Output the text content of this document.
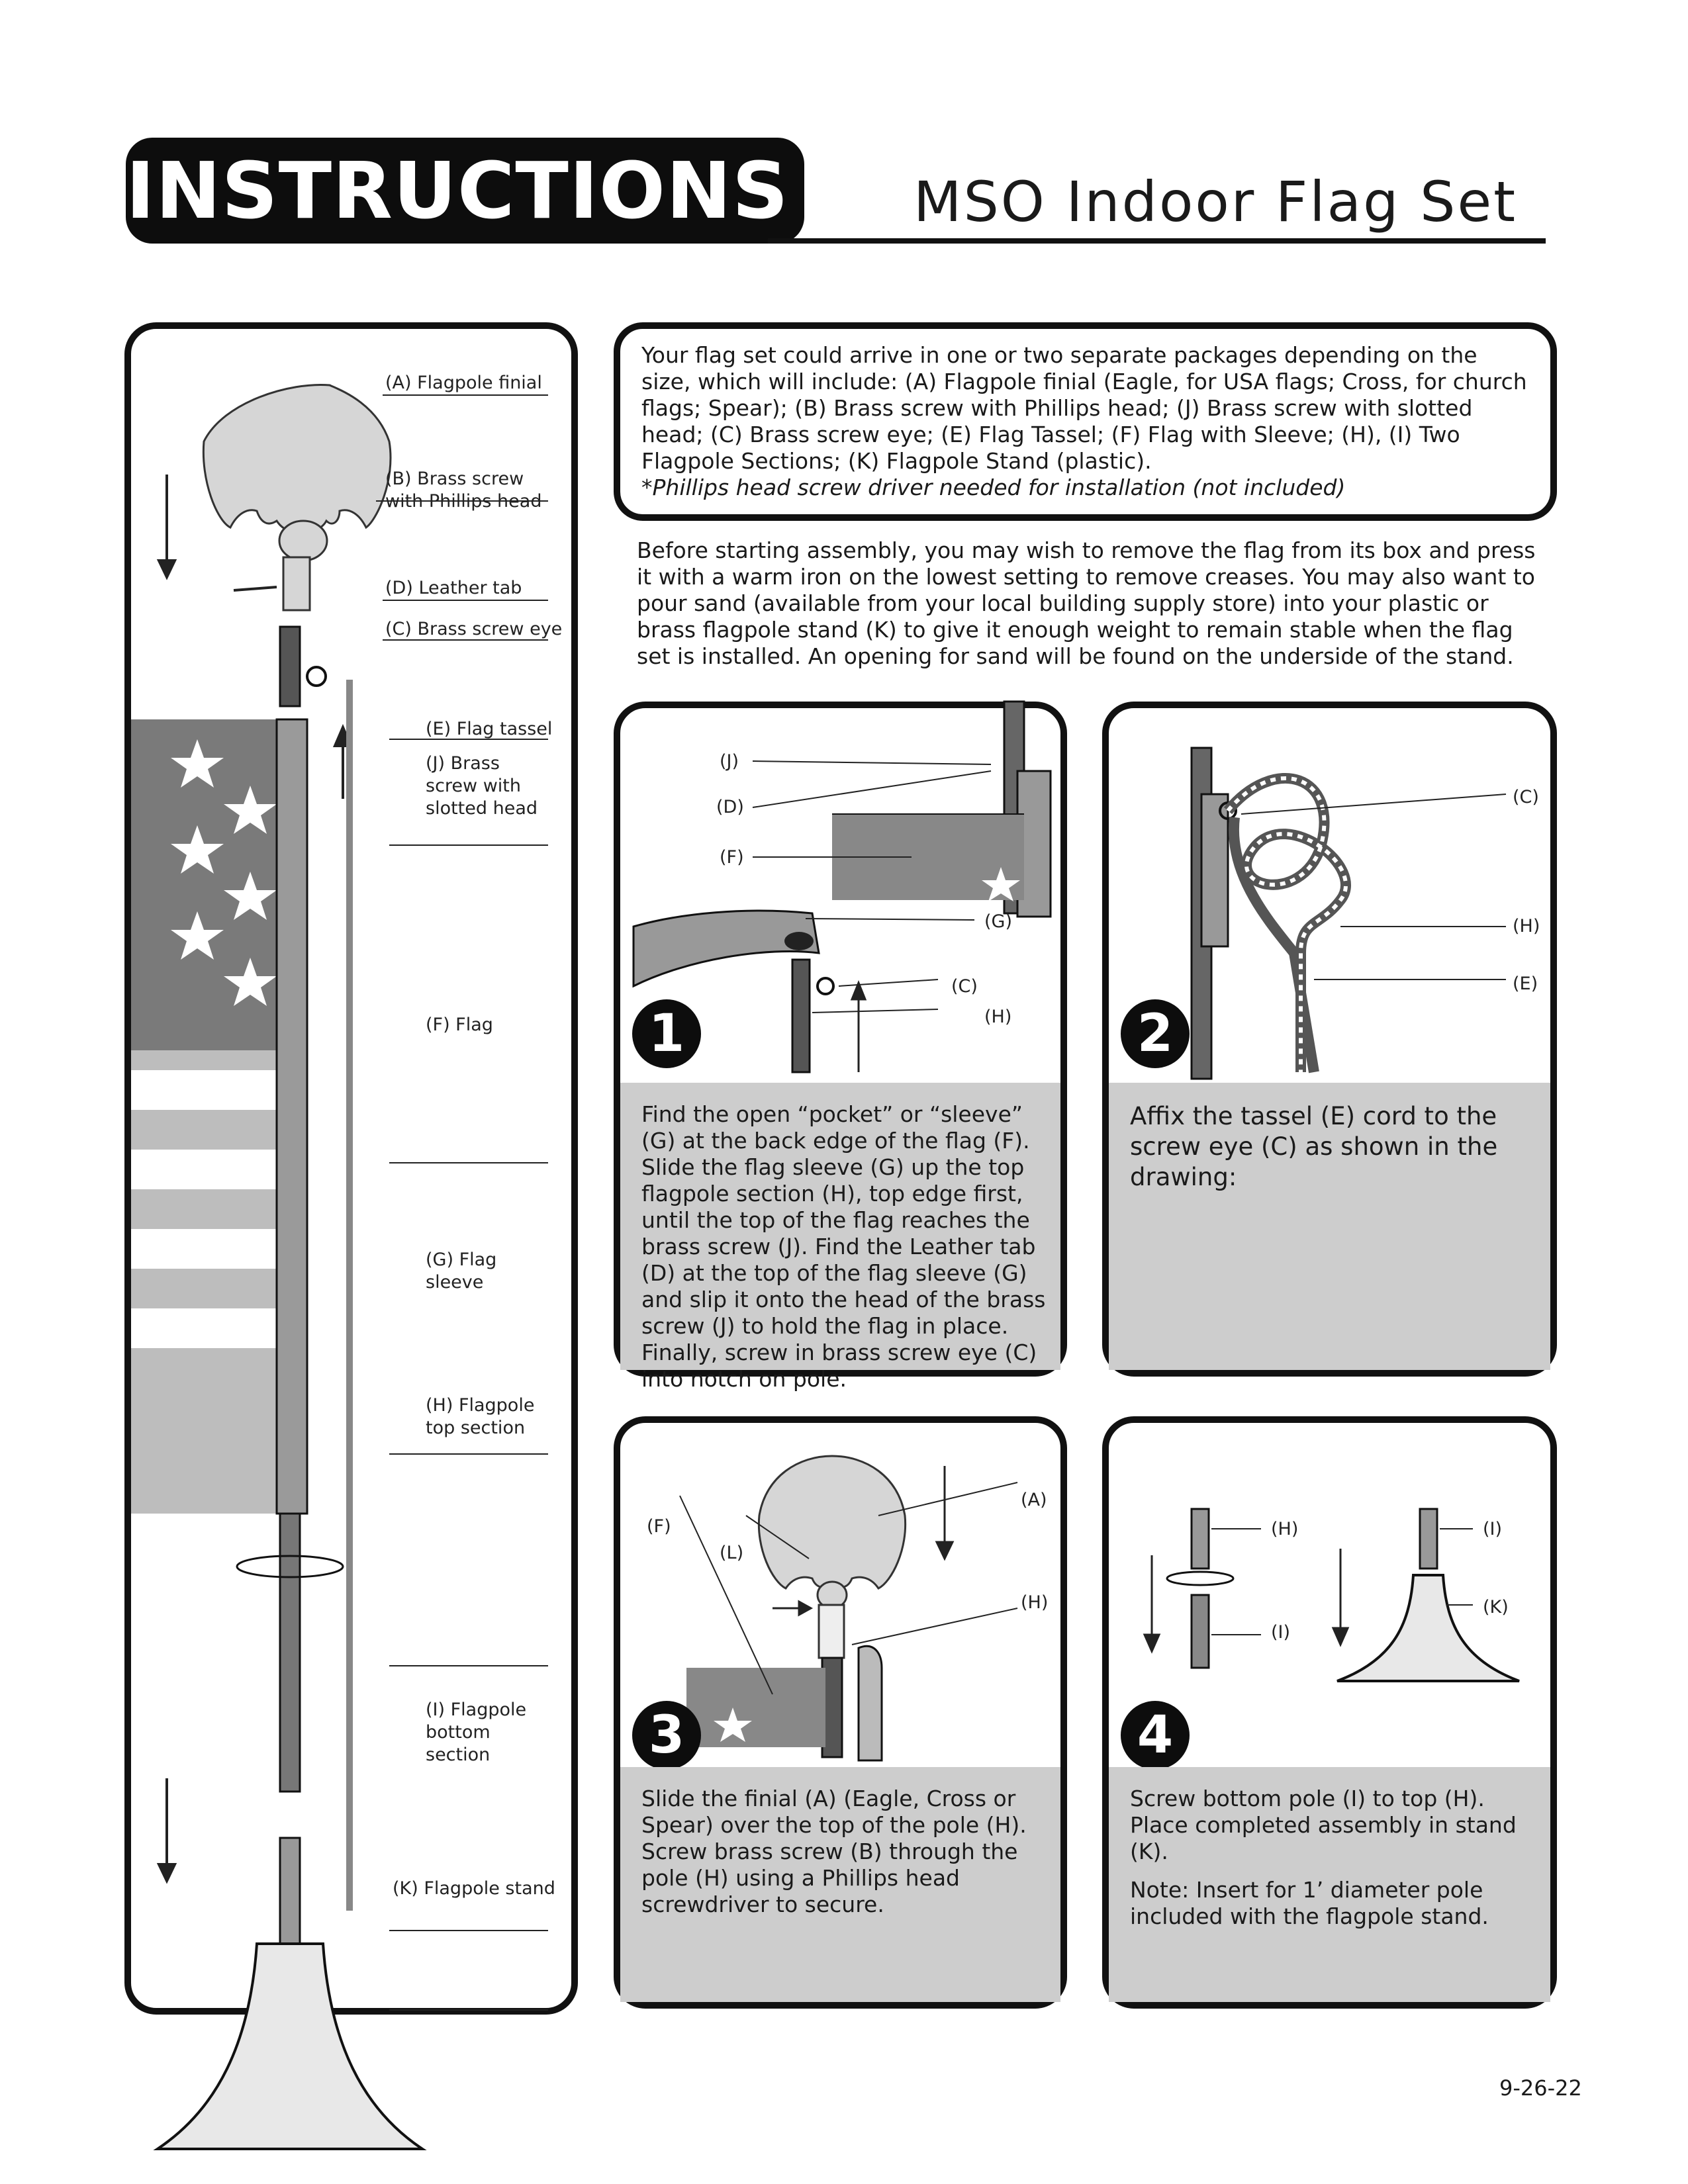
INSTRUCTIONS MSO Indoor Flag Set
(A) Flagpole finial
(B) Brass screw
with Phillips head
(D) Leather tab
(C) Brass screw eye
(E) Flag tassel
(J) Brass
screw with
slotted head
(F) Flag
(G) Flag
sleeve
(H) Flagpole
top section
(I) Flagpole
bottom
section
(K) Flagpole stand
Your flag set could arrive in one or two separate packages depending on the size, which will include: (A) Flagpole finial (Eagle, for USA flags; Cross, for church flags; Spear); (B) Brass screw with Phillips head; (J) Brass screw with slotted head; (C) Brass screw eye; (E) Flag Tassel; (F) Flag with Sleeve; (H), (I) Two Flagpole Sections; (K) Flagpole Stand (plastic).
*Phillips head screw driver needed for installation (not included)
Before starting assembly, you may wish to remove the flag from its box and press it with a warm iron on the lowest setting to remove creases. You may also want to pour sand (available from your local building supply store) into your plastic or brass flagpole stand (K) to give it enough weight to remain stable when the flag set is installed. An opening for sand will be found on the underside of the stand.
(J)
(D)
(F)
(G)
(C)
(H)
1
Find the open “pocket” or “sleeve” (G) at the back edge of the flag (F). Slide the flag sleeve (G) up the top flagpole section (H), top edge first, until the top of the flag reaches the brass screw (J). Find the Leather tab (D) at the top of the flag sleeve (G) and slip it onto the head of the brass screw (J) to hold the flag in place. Finally, screw in brass screw eye (C) into notch on pole.
(C)
(H)
(E)
2
Affix the tassel (E) cord to the screw eye (C) as shown in the drawing:
(A)
(F)
(L)
(H)
3
Slide the finial (A) (Eagle, Cross or Spear) over the top of the pole (H). Screw brass screw (B) through the pole (H) using a Phillips head screwdriver to secure.
(H)
(I)
(I)
(K)
4
Screw bottom pole (I) to top (H). Place completed assembly in stand (K).
Note: Insert for 1’ diameter pole included with the flagpole stand.
9-26-22
